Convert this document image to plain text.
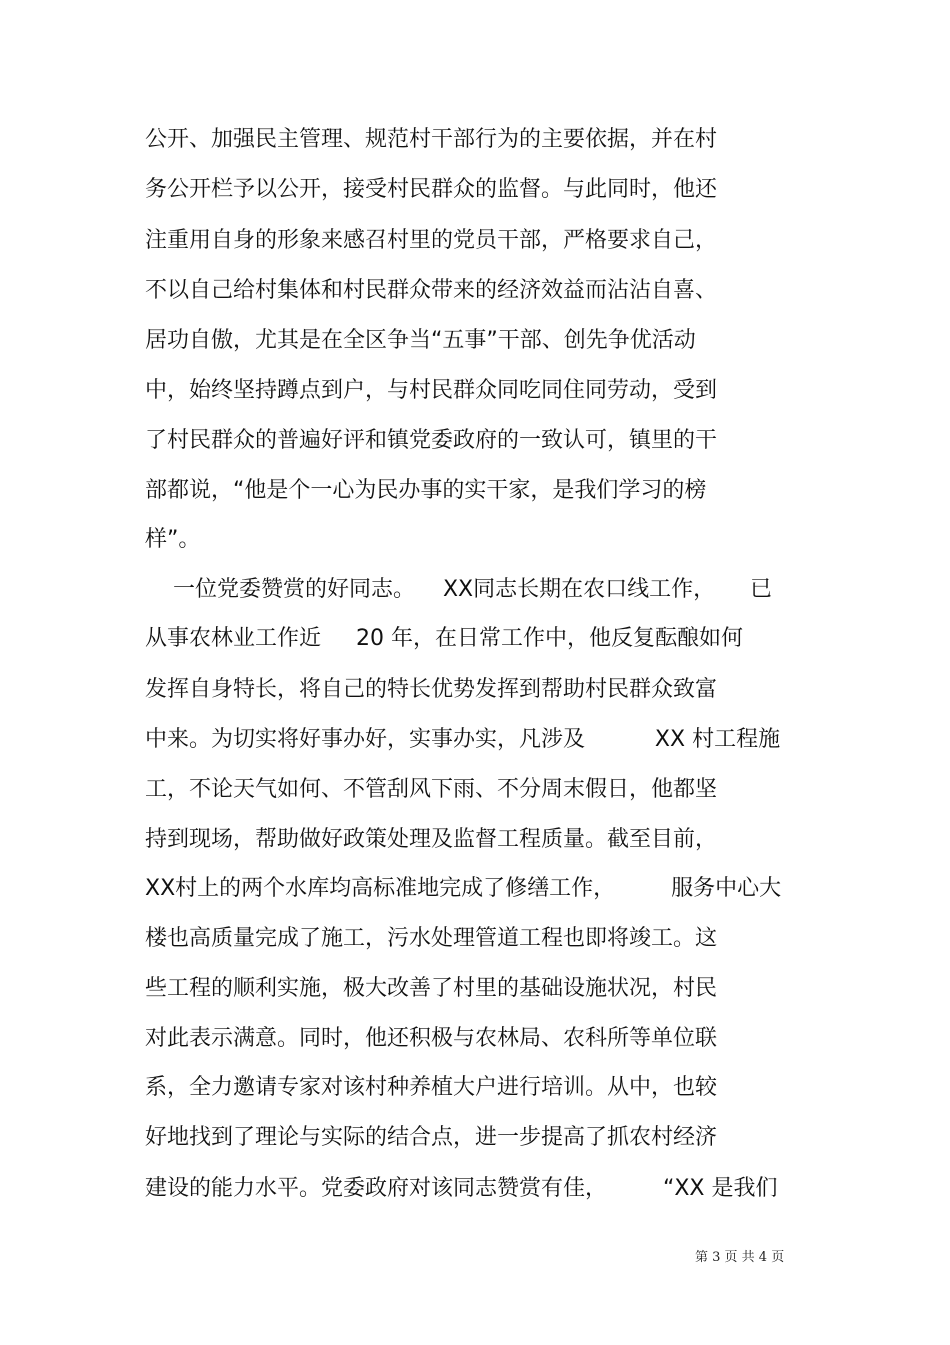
公开、加强民主管理、规范村干部行为的主要依据，并在村
务公开栏予以公开，接受村民群众的监督。与此同时，他还
注重用自身的形象来感召村里的党员干部，严格要求自己，
不以自己给村集体和村民群众带来的经济效益而沾沾自喜、
居功自傲，尤其是在全区争当“五事”干部、创先争优活动
中，始终坚持蹲点到户，与村民群众同吃同住同劳动，受到
了村民群众的普遍好评和镇党委政府的一致认可，镇里的干
部都说，“他是个一心为民办事的实干家，是我们学习的榜
样”。
一位党委赞赏的好同志。    XX同志长期在农口线工作，     已
从事农林业工作近     20 年，在日常工作中，他反复酝酿如何
发挥自身特长，将自己的特长优势发挥到帮助村民群众致富
中来。为切实将好事办好，实事办实，凡涉及          XX 村工程施
工，不论天气如何、不管刮风下雨、不分周末假日，他都坚
持到现场，帮助做好政策处理及监督工程质量。截至目前，
XX村上的两个水库均高标准地完成了修缮工作，        服务中心大
楼也高质量完成了施工，污水处理管道工程也即将竣工。这
些工程的顺利实施，极大改善了村里的基础设施状况，村民
对此表示满意。同时，他还积极与农林局、农科所等单位联
系，全力邀请专家对该村种养植大户进行培训。从中，也较
好地找到了理论与实际的结合点，进一步提高了抓农村经济
建设的能力水平。党委政府对该同志赞赏有佳，        “XX 是我们
第 3 页 共 4 页
